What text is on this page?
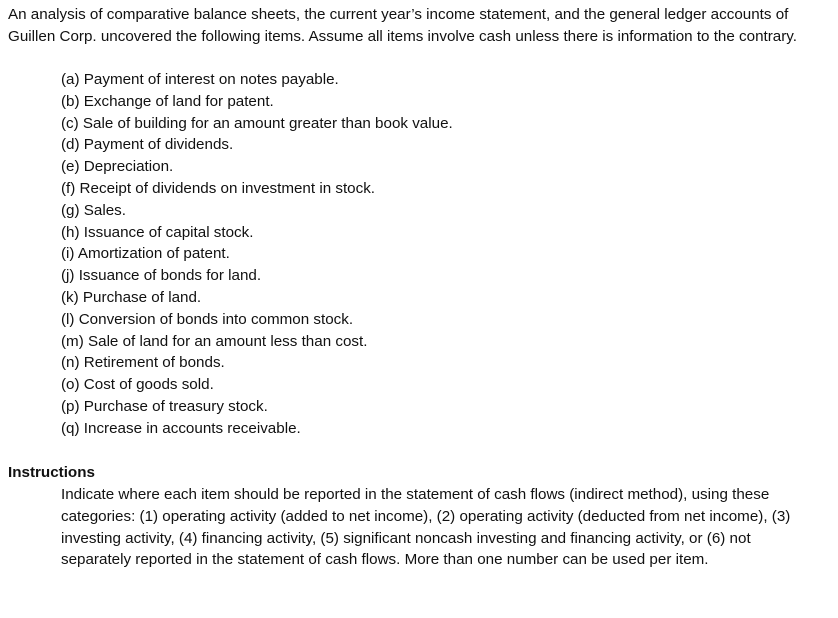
An analysis of comparative balance sheets, the current year’s income statement, and the general ledger accounts of Guillen Corp. uncovered the following items. Assume all items involve cash unless there is information to the contrary.

(a) Payment of interest on notes payable.
(b) Exchange of land for patent.
(c) Sale of building for an amount greater than book value.
(d) Payment of dividends.
(e) Depreciation.
(f) Receipt of dividends on investment in stock.
(g) Sales.
(h) Issuance of capital stock.
(i) Amortization of patent.
(j) Issuance of bonds for land.
(k) Purchase of land.
(l) Conversion of bonds into common stock.
(m) Sale of land for an amount less than cost.
(n) Retirement of bonds.
(o) Cost of goods sold.
(p) Purchase of treasury stock.
(q) Increase in accounts receivable.
Instructions

Indicate where each item should be reported in the statement of cash flows (indirect method), using these categories: (1) operating activity (added to net income), (2) operating activity (deducted from net income), (3) investing activity, (4) financing activity, (5) significant noncash investing and financing activity, or (6) not separately reported in the statement of cash flows. More than one number can be used per item.
